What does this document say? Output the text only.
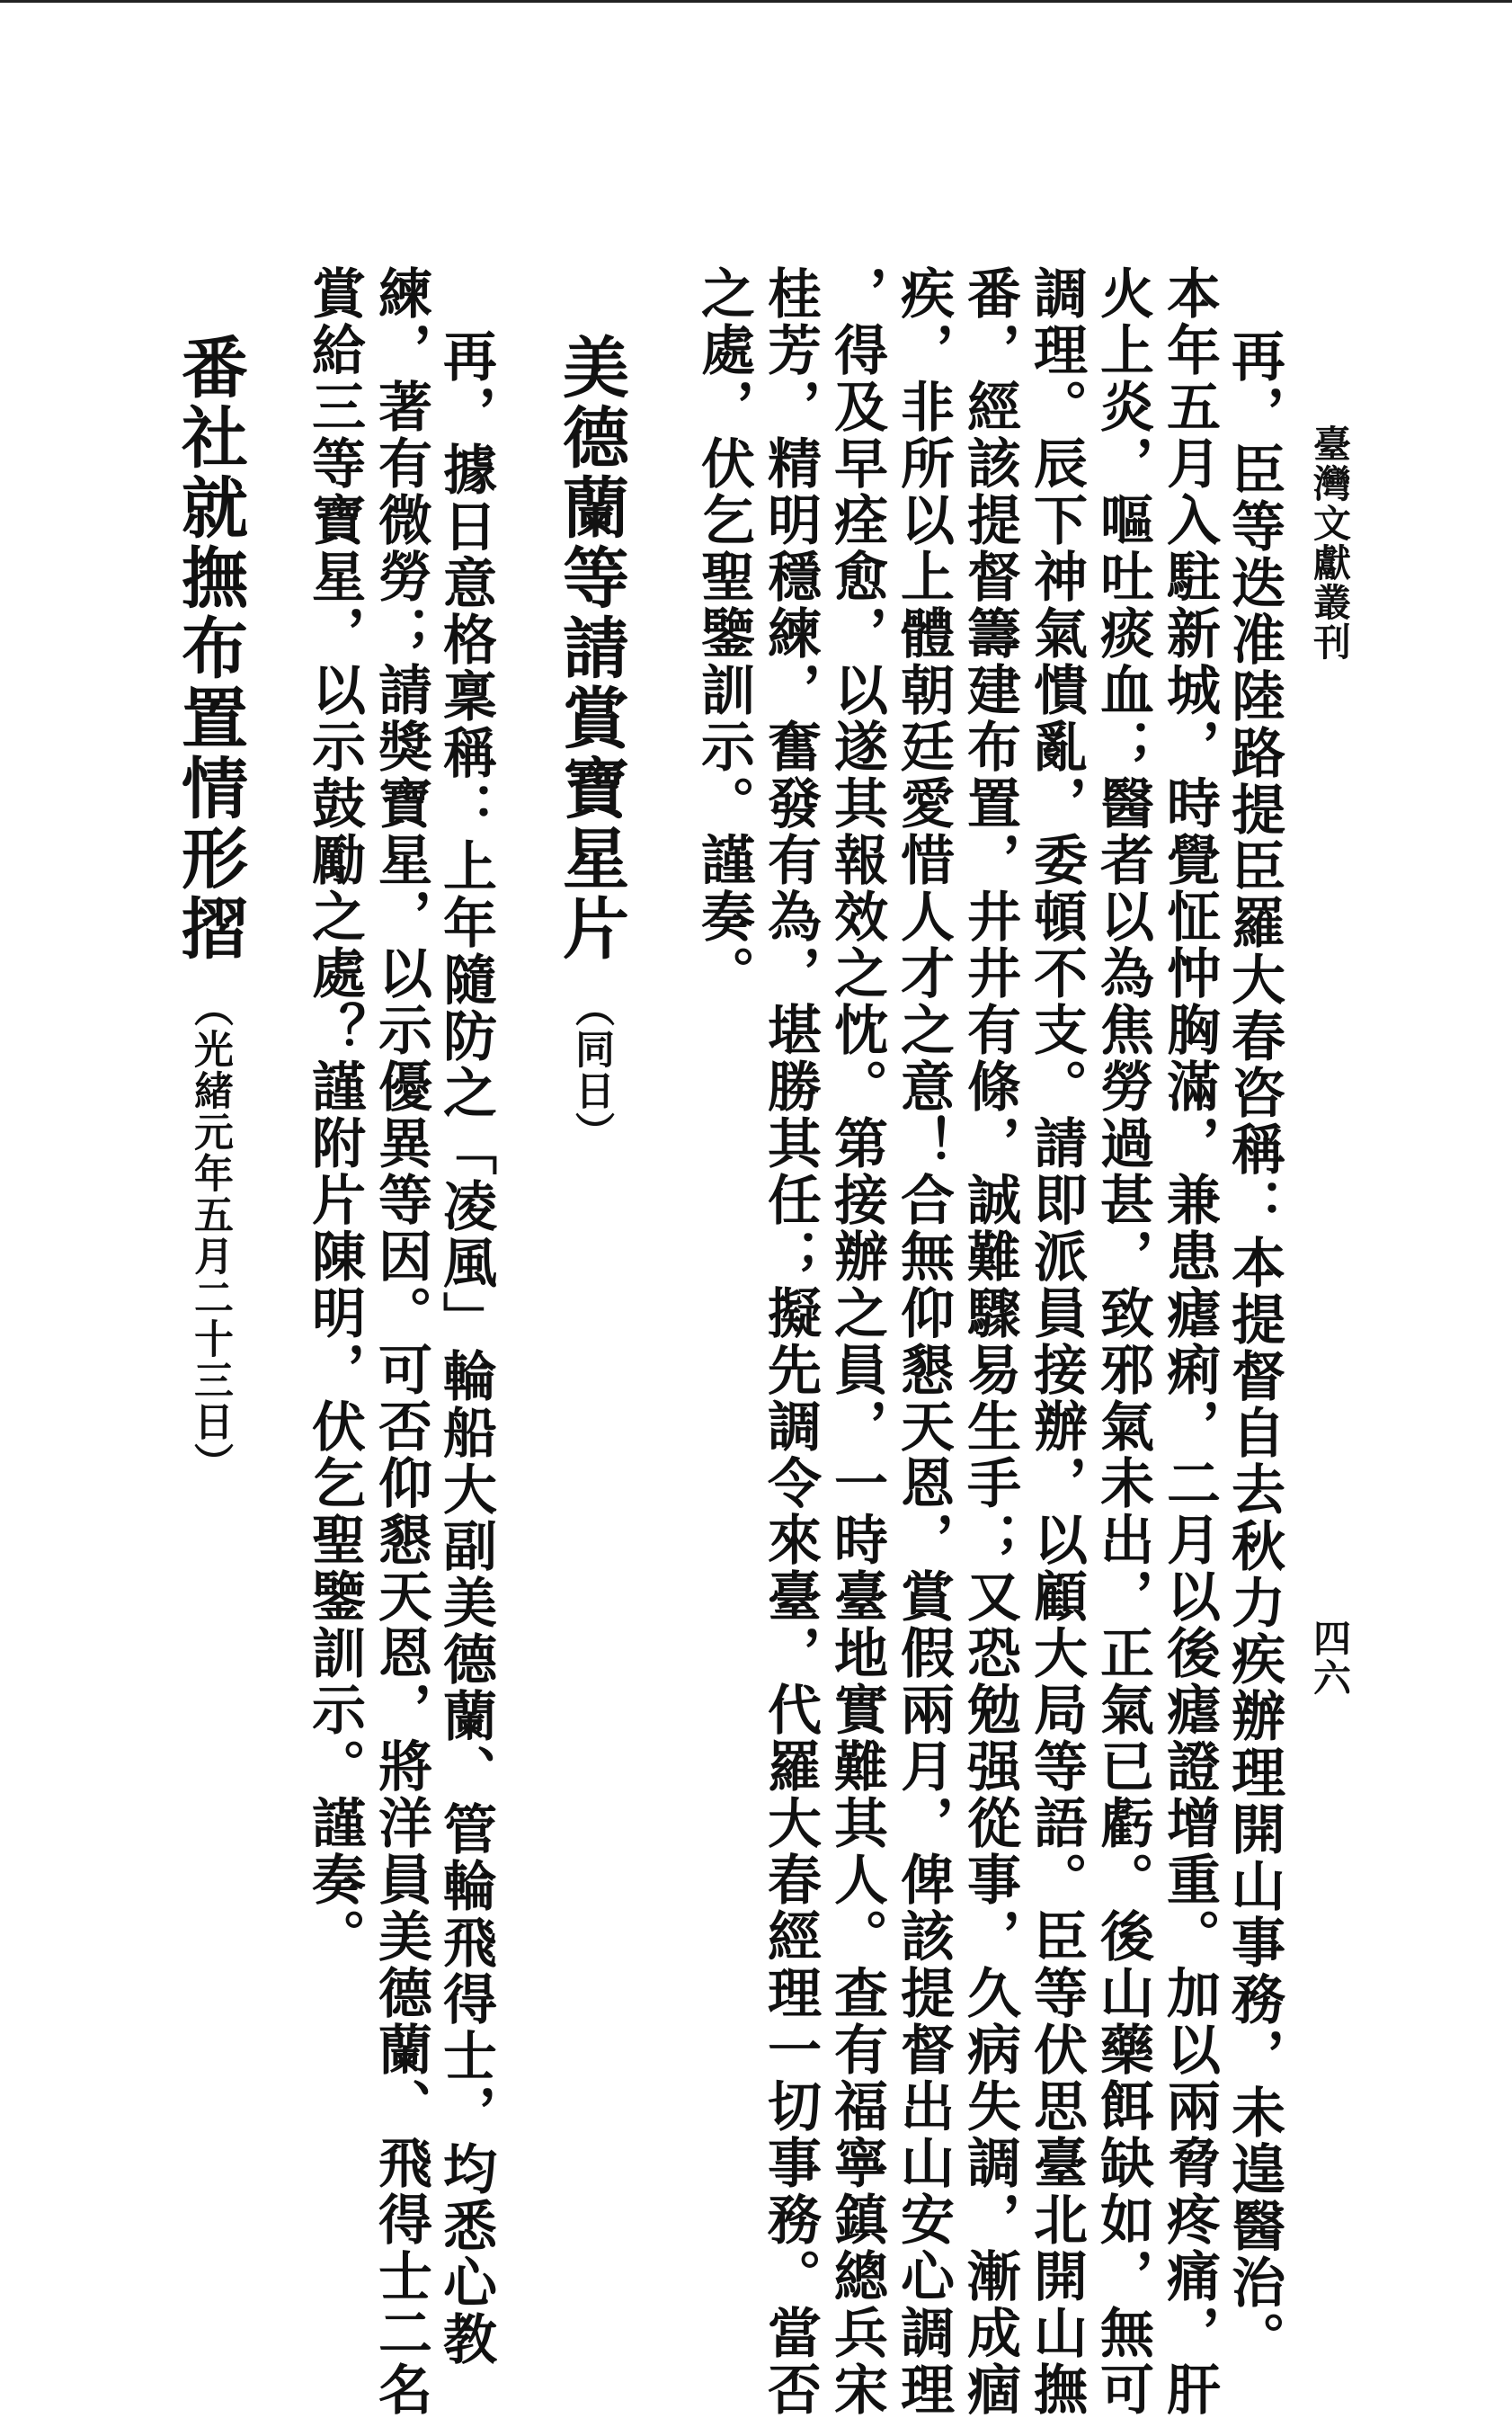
臺灣文獻叢刊
四六
再，臣等迭准陸路提臣羅大春咨稱：本提督自去秋力疾辦理開山事務，未遑醫治。
本年五月入駐新城，時覺怔忡胸滿，兼患瘧痢，二月以後瘧證增重。加以兩脅疼痛，肝
火上炎，嘔吐痰血；醫者以為焦勞過甚，致邪氣未出，正氣已虧。後山藥餌缺如，無可
調理。辰下神氣憒亂，委頓不支。請即派員接辦，以顧大局等語。臣等伏思臺北開山撫
番，經該提督籌建布置，井井有條，誠難驟易生手；又恐勉强從事，久病失調，漸成痼
疾，非所以上體朝廷愛惜人才之意！合無仰懇天恩，賞假兩月，俾該提督出山安心調理
，得及早痊愈，以遂其報效之忱。第接辦之員，一時臺地實難其人。查有福寧鎮總兵宋
桂芳，精明穩練，奮發有為，堪勝其任；擬先調令來臺，代羅大春經理一切事務。當否
之處，伏乞聖鑒訓示。謹奏。
美德蘭等請賞寶星片（同日）
再，據日意格稟稱：上年隨防之「凌風」輪船大副美德蘭、管輪飛得士，均悉心教
練，著有微勞；請獎寶星，以示優異等因。可否仰懇天恩，將洋員美德蘭、飛得士二名
賞給三等寶星，以示鼓勵之處？謹附片陳明，伏乞聖鑒訓示。謹奏。
番社就撫布置情形摺（光緒元年五月二十三日）
